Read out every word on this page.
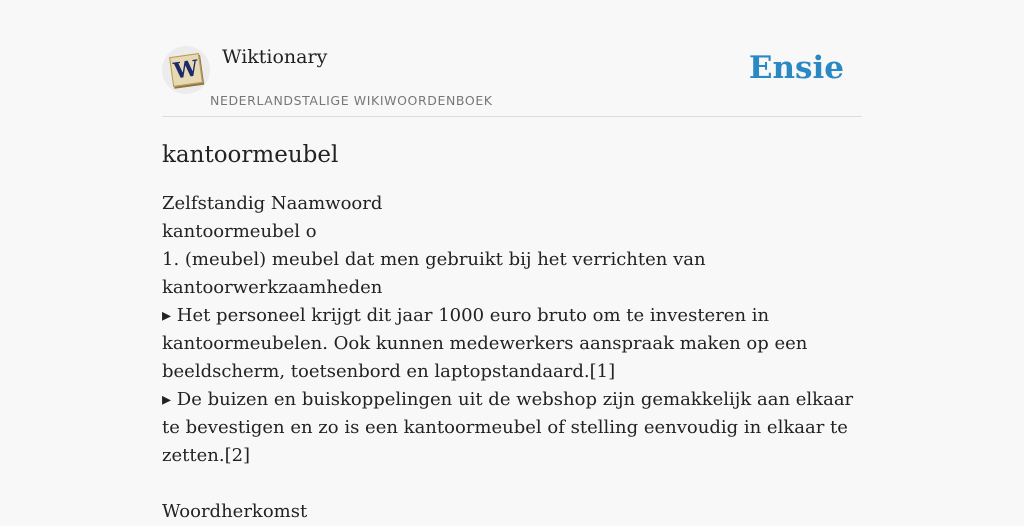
W Wiktionary
NEDERLANDSTALIGE WIKIWOORDENBOEK
Ensie
kantoormeubel
Zelfstandig Naamwoord
kantoormeubel o
1. (meubel) meubel dat men gebruikt bij het verrichten van kantoorwerkzaamheden
▸ Het personeel krijgt dit jaar 1000 euro bruto om te investeren in kantoormeubelen. Ook kunnen medewerkers aanspraak maken op een beeldscherm, toetsenbord en laptopstandaard.[1]
▸ De buizen en buiskoppelingen uit de webshop zijn gemakkelijk aan elkaar te bevestigen en zo is een kantoormeubel of stelling eenvoudig in elkaar te zetten.[2]
Woordherkomst
